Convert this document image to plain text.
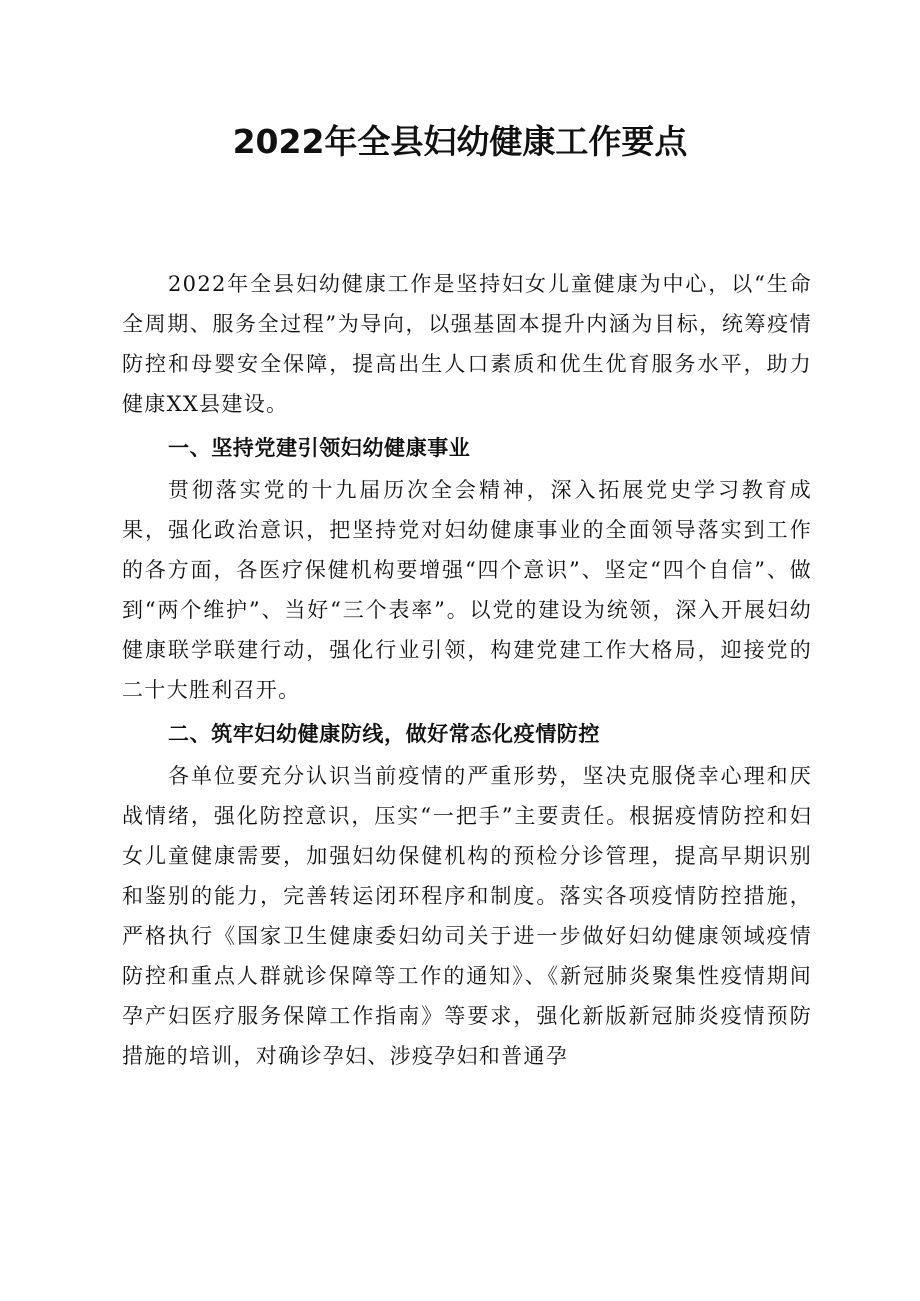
2022年全县妇幼健康工作要点

2022年全县妇幼健康工作是坚持妇女儿童健康为中心，以“生命全周期、服务全过程”为导向，以强基固本提升内涵为目标，统筹疫情防控和母婴安全保障，提高出生人口素质和优生优育服务水平，助力健康XX县建设。

一、坚持党建引领妇幼健康事业

贯彻落实党的十九届历次全会精神，深入拓展党史学习教育成果，强化政治意识，把坚持党对妇幼健康事业的全面领导落实到工作的各方面，各医疗保健机构要增强“四个意识”、坚定“四个自信”、做到“两个维护”、当好“三个表率”。以党的建设为统领，深入开展妇幼健康联学联建行动，强化行业引领，构建党建工作大格局，迎接党的二十大胜利召开。

二、筑牢妇幼健康防线，做好常态化疫情防控

各单位要充分认识当前疫情的严重形势，坚决克服侥幸心理和厌战情绪，强化防控意识，压实“一把手”主要责任。根据疫情防控和妇女儿童健康需要，加强妇幼保健机构的预检分诊管理，提高早期识别和鉴别的能力，完善转运闭环程序和制度。落实各项疫情防控措施，严格执行《国家卫生健康委妇幼司关于进一步做好妇幼健康领域疫情防控和重点人群就诊保障等工作的通知》、《新冠肺炎聚集性疫情期间孕产妇医疗服务保障工作指南》等要求，强化新版新冠肺炎疫情预防措施的培训，对确诊孕妇、涉疫孕妇和普通孕
